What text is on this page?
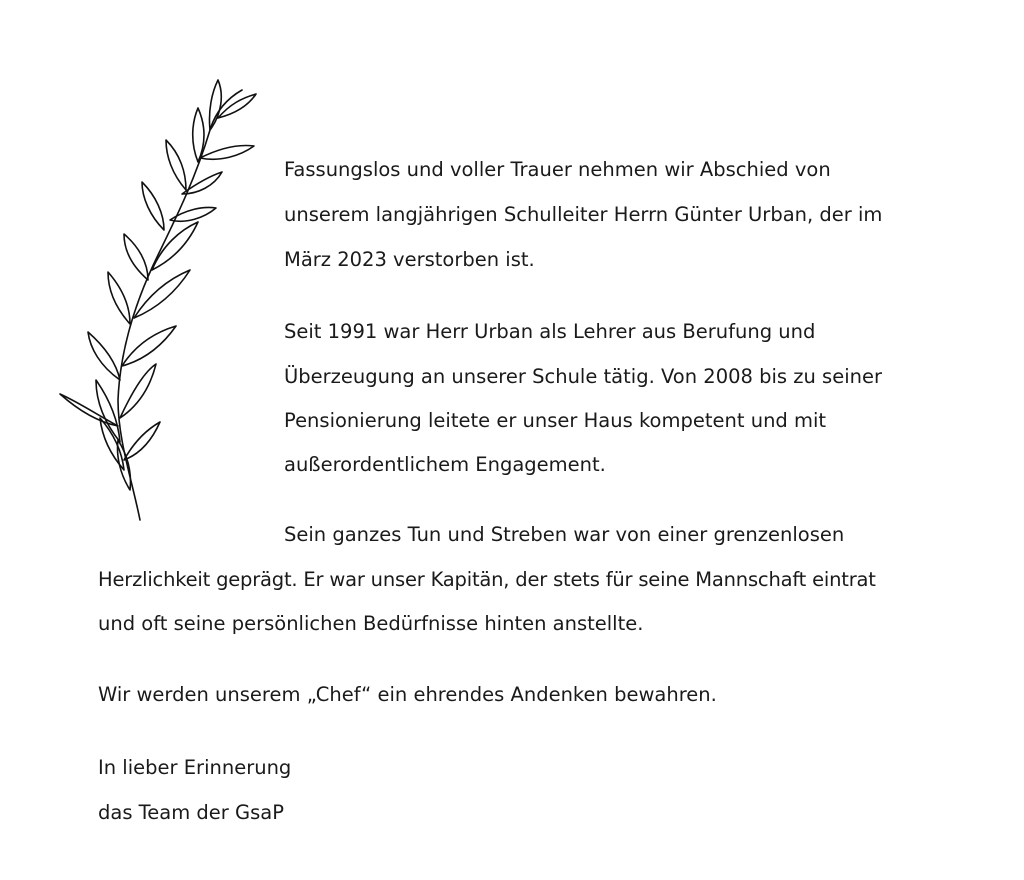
Fassungslos und voller Trauer nehmen wir Abschied von

unserem langjährigen Schulleiter Herrn Günter Urban, der im

März 2023 verstorben ist.

Seit 1991 war Herr Urban als Lehrer aus Berufung und

Überzeugung an unserer Schule tätig. Von 2008 bis zu seiner

Pensionierung leitete er unser Haus kompetent und mit

außerordentlichem Engagement.

Sein ganzes Tun und Streben war von einer grenzenlosen

Herzlichkeit geprägt. Er war unser Kapitän, der stets für seine Mannschaft eintrat

und oft seine persönlichen Bedürfnisse hinten anstellte.

Wir werden unserem „Chef“ ein ehrendes Andenken bewahren.

In lieber Erinnerung

das Team der GsaP
